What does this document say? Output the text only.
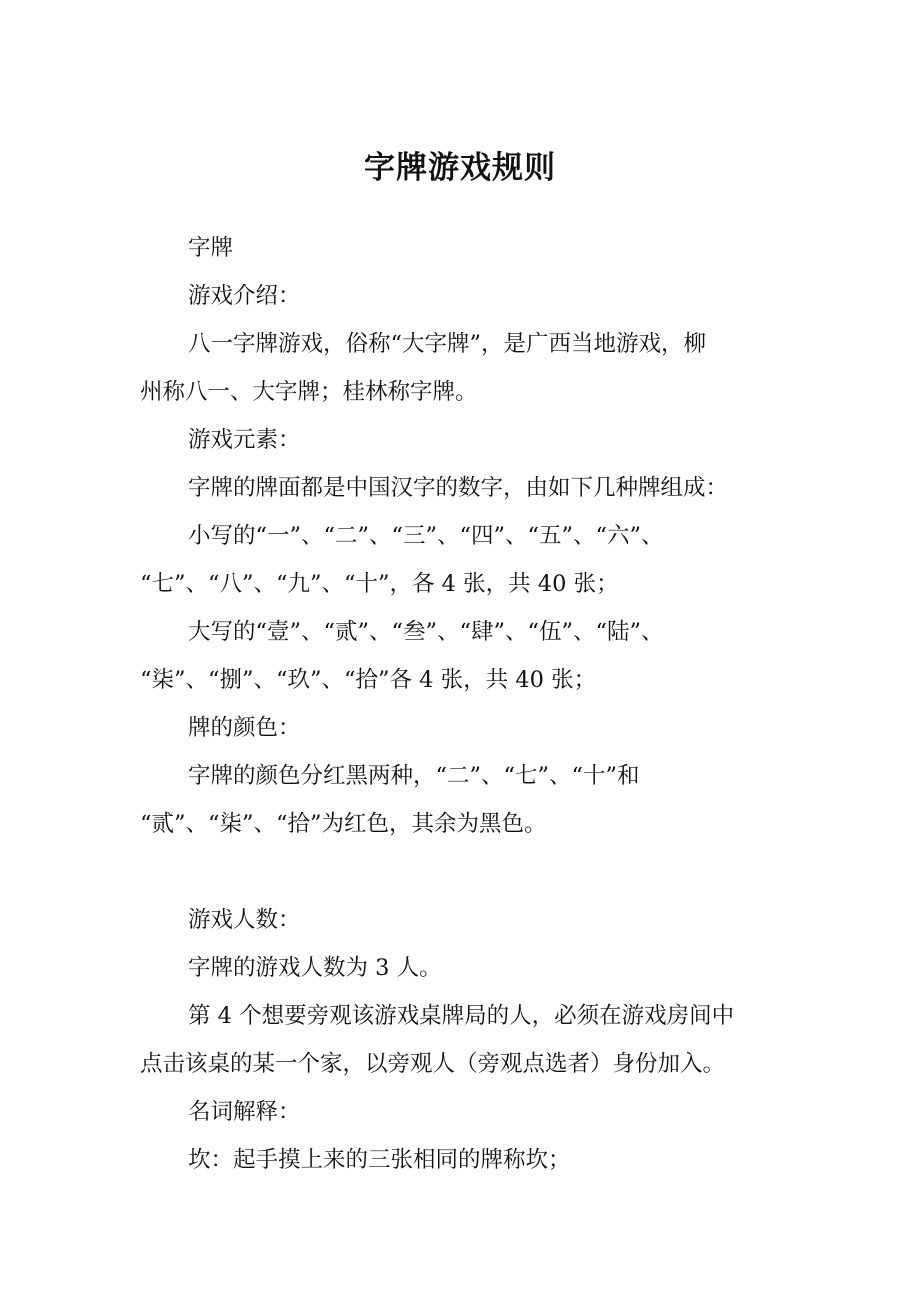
字牌游戏规则

字牌

游戏介绍：

八一字牌游戏，俗称“大字牌”，是广西当地游戏，柳

州称八一、大字牌；桂林称字牌。

游戏元素：

字牌的牌面都是中国汉字的数字，由如下几种牌组成：

小写的“一”、“二”、“三”、“四”、“五”、“六”、

“七”、“八”、“九”、“十”，各 4 张，共 40 张；

大写的“壹”、“贰”、“叁”、“肆”、“伍”、“陆”、

“柒”、“捌”、“玖”、“拾”各 4 张，共 40 张；

牌的颜色：

字牌的颜色分红黑两种，“二”、“七”、“十”和

“贰”、“柒”、“拾”为红色，其余为黑色。

游戏人数：

字牌的游戏人数为 3 人。

第 4 个想要旁观该游戏桌牌局的人，必须在游戏房间中

点击该桌的某一个家，以旁观人（旁观点选者）身份加入。

名词解释：

坎：起手摸上来的三张相同的牌称坎；
